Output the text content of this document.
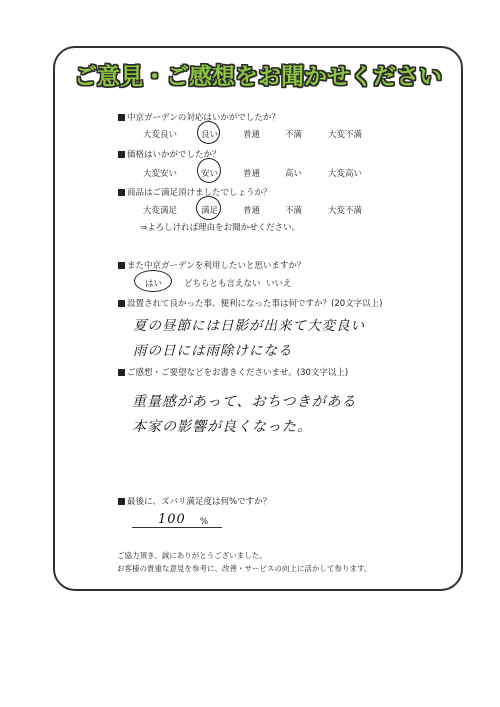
ご意見・ご感想をお聞かせください
中京ガーデンの対応はいかがでしたか？
大変良い	良い	普通	不満	大変不満
価格はいかがでしたか？
大変安い	安い	普通	高い	大変高い
商品はご満足頂けましたでしょうか？
大変満足	満足	普通	不満	大変不満
⇒よろしければ理由をお聞かせください。
また中京ガーデンを利用したいと思いますか？
はい	どちらとも言えない いいえ
設置されて良かった事、便利になった事は何ですか？(20文字以上)
夏の昼節には日影が出来て大変良い
雨の日には雨除けになる
ご感想・ご要望などをお書きくださいませ。(30文字以上)
重量感があって、おちつきがある
本家の影響が良くなった。
最後に、ズバリ満足度は何%ですか？
100 %
ご協力頂き、誠にありがとうございました。
お客様の貴重な意見を参考に、改善・サービスの向上に活かして参ります。
